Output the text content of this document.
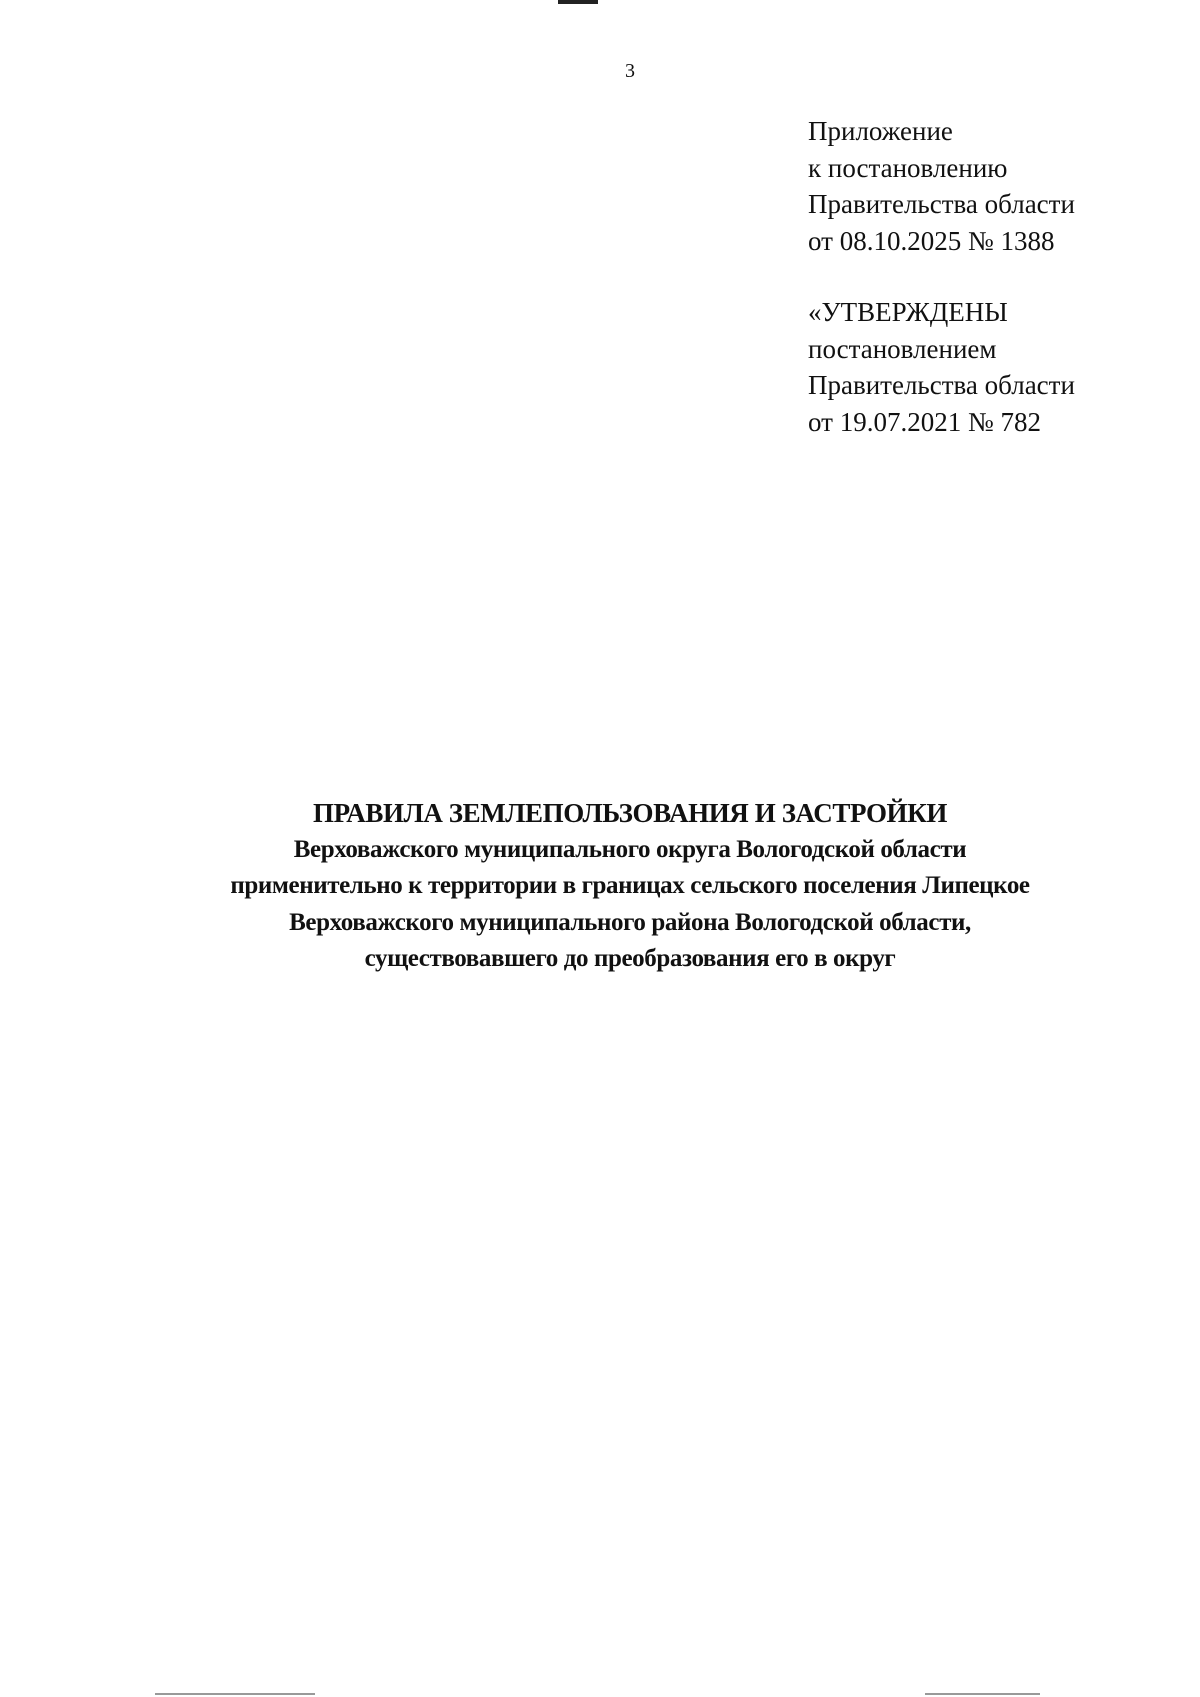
3
Приложение
к постановлению
Правительства области
от 08.10.2025 № 1388
«УТВЕРЖДЕНЫ
постановлением
Правительства области
от 19.07.2021 № 782
ПРАВИЛА ЗЕМЛЕПОЛЬЗОВАНИЯ И ЗАСТРОЙКИ
Верховажского муниципального округа Вологодской области
применительно к территории в границах сельского поселения Липецкое
Верховажского муниципального района Вологодской области,
существовавшего до преобразования его в округ
